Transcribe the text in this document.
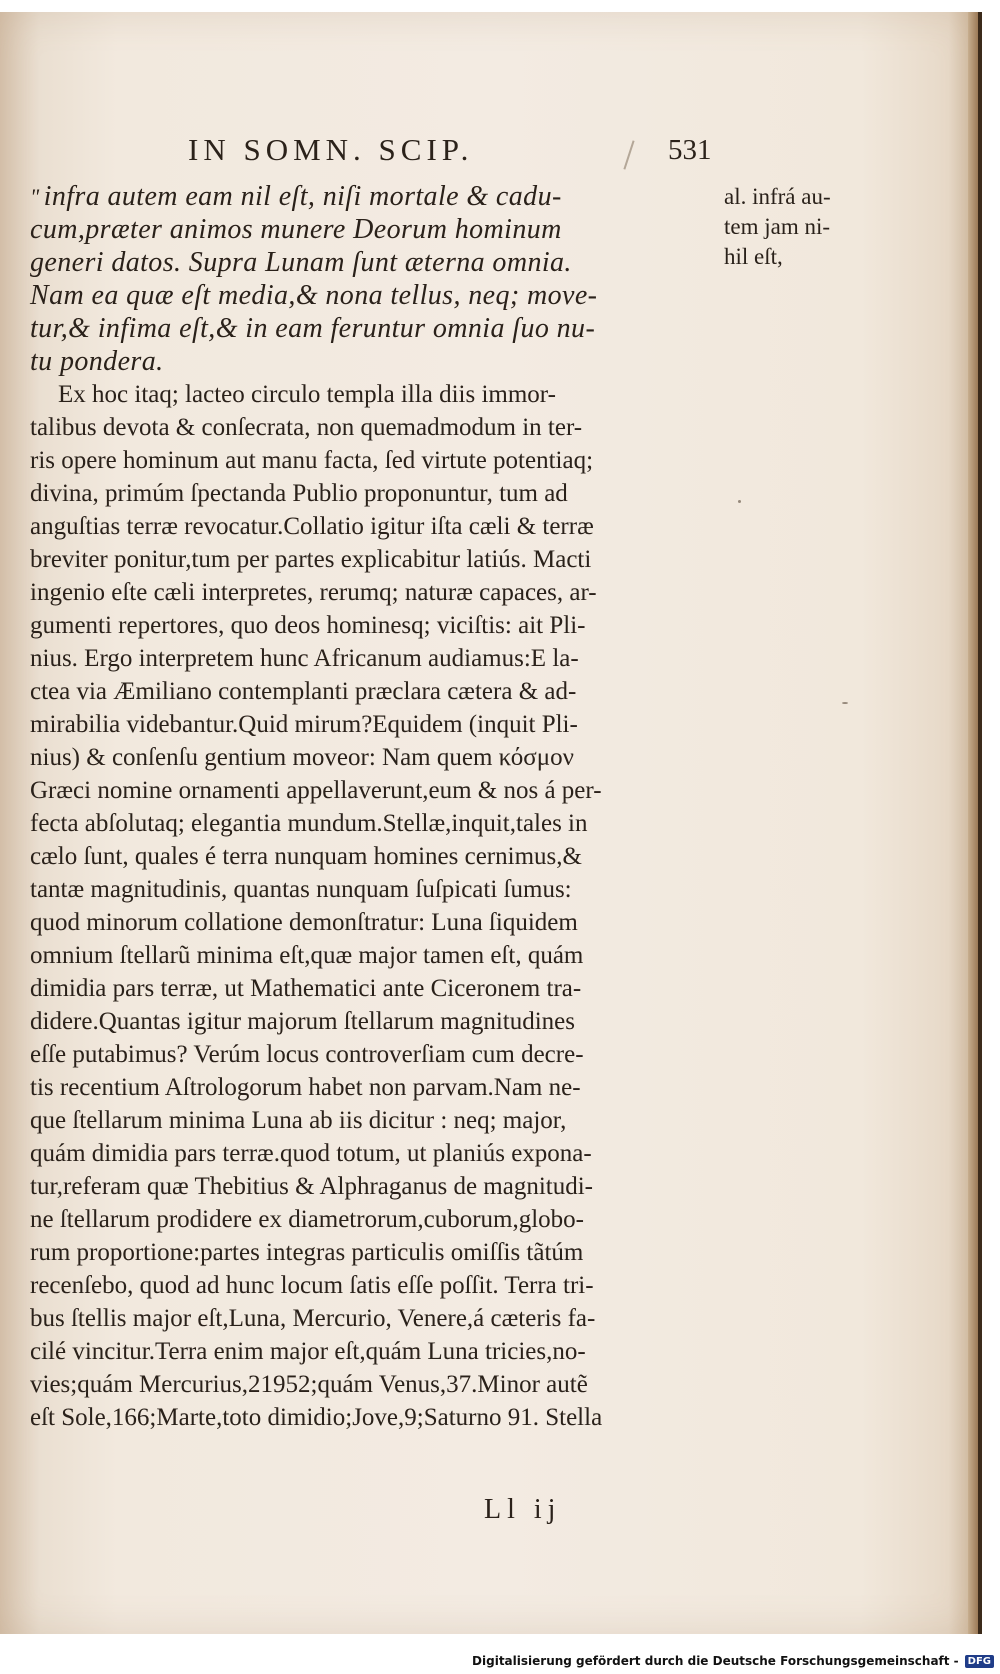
IN SOMN. SCIP.	531
" infra autem eam nil eſt, niſi mortale & cadu-
cum,præter animos munere Deorum hominum
generi datos. Supra Lunam ſunt æterna omnia.
Nam ea quæ eſt media,& nona tellus, neq; move-
tur,& infima eſt,& in eam feruntur omnia ſuo nu-
tu pondera.
Ex hoc itaq; lacteo circulo templa illa diis immor-
talibus devota & conſecrata, non quemadmodum in ter-
ris opere hominum aut manu facta, ſed virtute potentiaq;
divina, primúm ſpectanda Publio proponuntur, tum ad
anguſtias terræ revocatur.Collatio igitur iſta cæli & terræ
breviter ponitur,tum per partes explicabitur latiús. Macti
ingenio eſte cæli interpretes, rerumq; naturæ capaces, ar-
gumenti repertores, quo deos hominesq; viciſtis: ait Pli-
nius. Ergo interpretem hunc Africanum audiamus:E la-
ctea via Æmiliano contemplanti præclara cætera & ad-
mirabilia videbantur.Quid mirum?Equidem (inquit Pli-
nius) & conſenſu gentium moveor: Nam quem κόσμον
Græci nomine ornamenti appellaverunt,eum & nos á per-
fecta abſolutaq; elegantia mundum.Stellæ,inquit,tales in
cælo ſunt, quales é terra nunquam homines cernimus,&
tantæ magnitudinis, quantas nunquam ſuſpicati ſumus:
quod minorum collatione demonſtratur: Luna ſiquidem
omnium ſtellarũ minima eſt,quæ major tamen eſt, quám
dimidia pars terræ, ut Mathematici ante Ciceronem tra-
didere.Quantas igitur majorum ſtellarum magnitudines
eſſe putabimus? Verúm locus controverſiam cum decre-
tis recentium Aſtrologorum habet non parvam.Nam ne-
que ſtellarum minima Luna ab iis dicitur : neq; major,
quám dimidia pars terræ.quod totum, ut planiús expona-
tur,referam quæ Thebitius & Alphraganus de magnitudi-
ne ſtellarum prodidere ex diametrorum,cuborum,globo-
rum proportione:partes integras particulis omiſſis tãtúm
recenſebo, quod ad hunc locum ſatis eſſe poſſit. Terra tri-
bus ſtellis major eſt,Luna, Mercurio, Venere,á cæteris fa-
cilé vincitur.Terra enim major eſt,quám Luna tricies,no-
vies;quám Mercurius,21952;quám Venus,37.Minor autẽ
eſt Sole,166;Marte,toto dimidio;Jove,9;Saturno 91. Stella
al. infrá au-
tem jam ni-
hil eſt,
Ll ij
Digitalisierung gefördert durch die Deutsche Forschungsgemeinschaft - DFG
